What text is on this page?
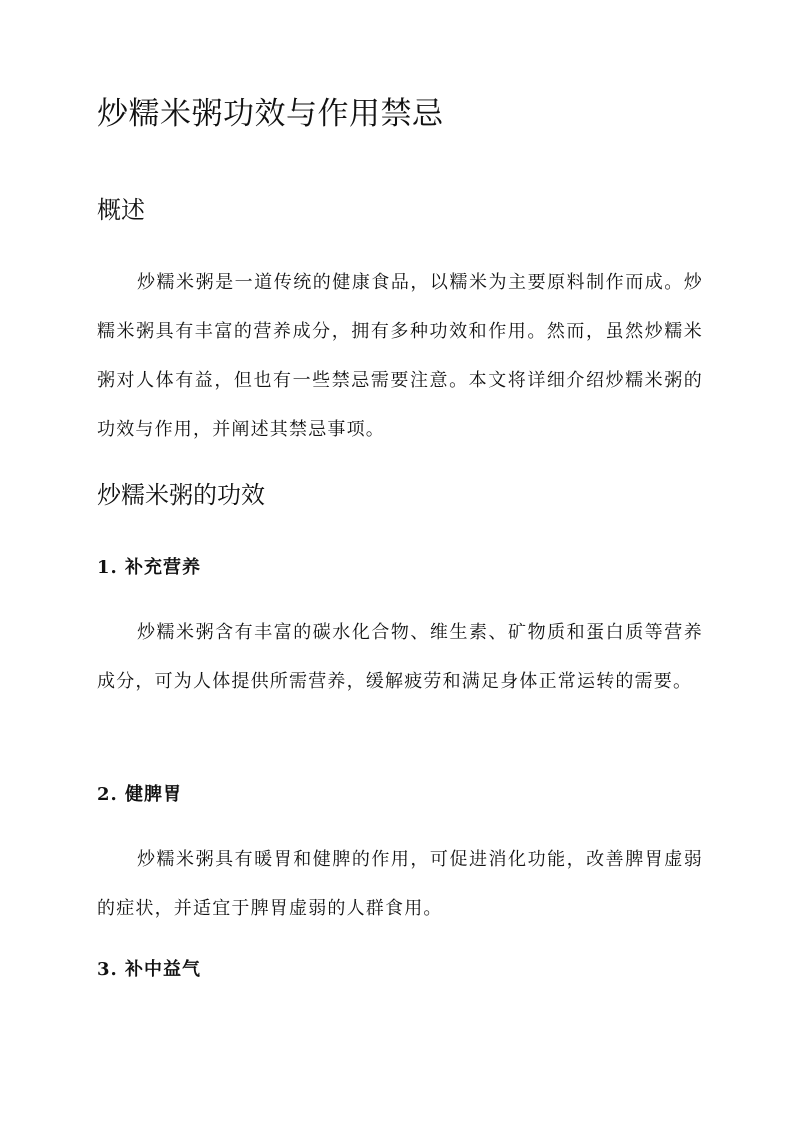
炒糯米粥功效与作用禁忌
概述

炒糯米粥是一道传统的健康食品，以糯米为主要原料制作而成。炒糯米粥具有丰富的营养成分，拥有多种功效和作用。然而，虽然炒糯米粥对人体有益，但也有一些禁忌需要注意。本文将详细介绍炒糯米粥的功效与作用，并阐述其禁忌事项。

炒糯米粥的功效
1. 补充营养

炒糯米粥含有丰富的碳水化合物、维生素、矿物质和蛋白质等营养成分，可为人体提供所需营养，缓解疲劳和满足身体正常运转的需要。

2. 健脾胃

炒糯米粥具有暖胃和健脾的作用，可促进消化功能，改善脾胃虚弱的症状，并适宜于脾胃虚弱的人群食用。

3. 补中益气
